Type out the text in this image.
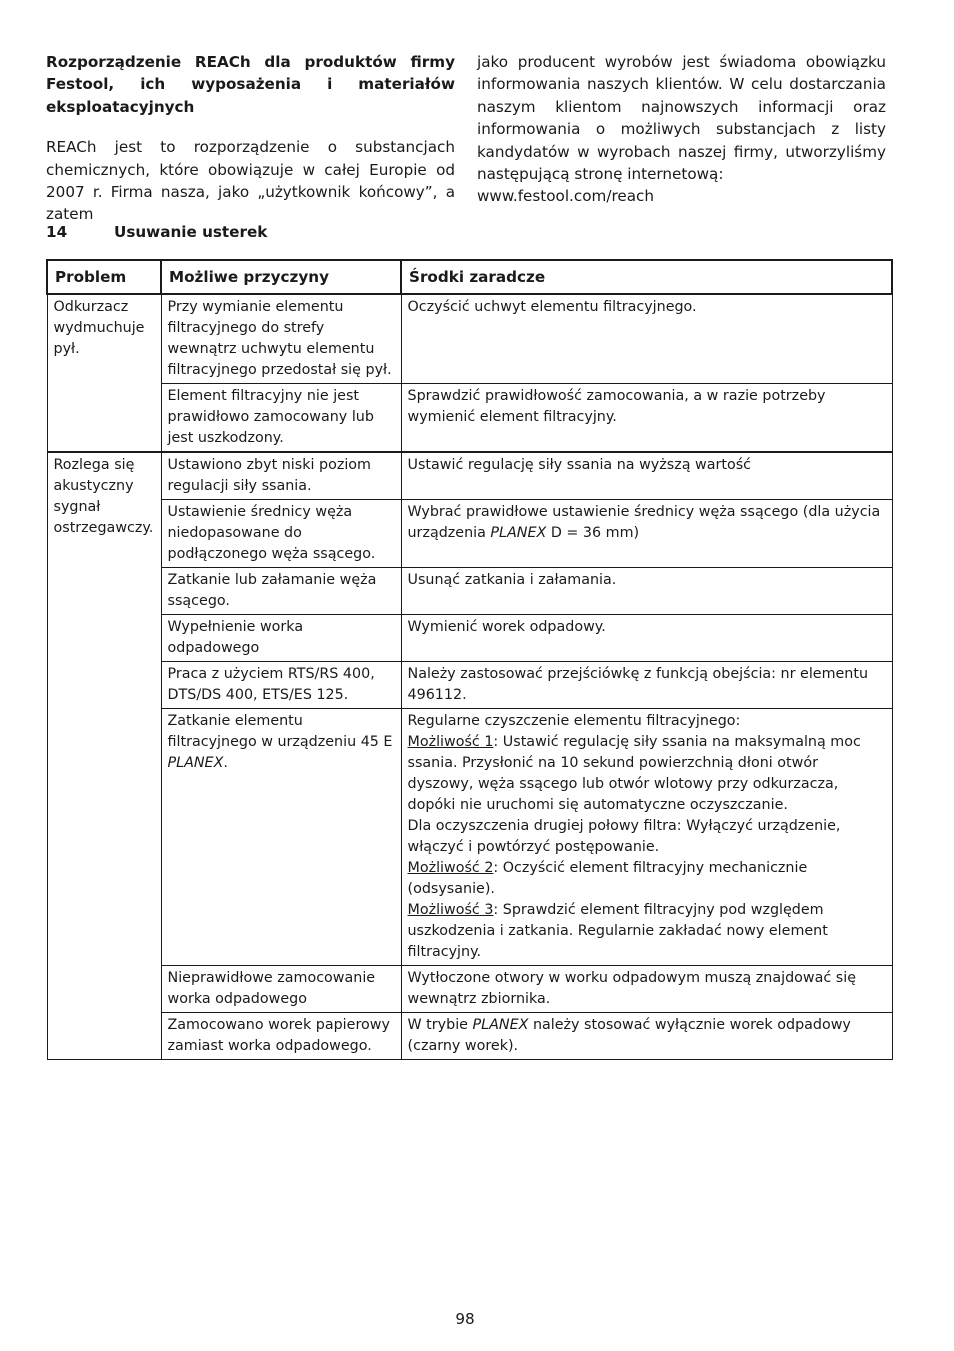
Rozporządzenie REACh dla produktów firmy Festool, ich wyposażenia i materiałów eksploatacyjnych

REACh jest to rozporządzenie o substancjach chemicznych, które obowiązuje w całej Europie od 2007 r. Firma nasza, jako „użytkownik końcowy”, a zatem

jako producent wyrobów jest świadoma obowiązku informowania naszych klientów. W celu dostarczania naszym klientom najnowszych informacji oraz informowania o możliwych substancjach z listy kandydatów w wyrobach naszej firmy, utworzyliśmy następującą stronę internetową:

www.festool.com/reach

14	Usuwanie usterek
Problem	Możliwe przyczyny	Środki zaradcze
Odkurzacz wydmuchuje pył.	Przy wymianie elementu filtracyjnego do strefy wewnątrz uchwytu elementu filtracyjnego przedostał się pył.	Oczyścić uchwyt elementu filtracyjnego.
	Element filtracyjny nie jest prawidłowo zamocowany lub jest uszkodzony.	Sprawdzić prawidłowość zamocowania, a w razie potrzeby wymienić element filtracyjny.
Rozlega się akustyczny sygnał ostrzegawczy.	Ustawiono zbyt niski poziom regulacji siły ssania.	Ustawić regulację siły ssania na wyższą wartość
	Ustawienie średnicy węża niedopasowane do podłączonego węża ssącego.	Wybrać prawidłowe ustawienie średnicy węża ssącego (dla użycia urządzenia PLANEX D = 36 mm)
	Zatkanie lub załamanie węża ssącego.	Usunąć zatkania i załamania.
	Wypełnienie worka odpadowego	Wymienić worek odpadowy.
	Praca z użyciem RTS/RS 400, DTS/DS 400, ETS/ES 125.	Należy zastosować przejściówkę z funkcją obejścia: nr elementu 496112.
	Zatkanie elementu filtracyjnego w urządzeniu 45 E PLANEX.	Regularne czyszczenie elementu filtracyjnego:
Możliwość 1: Ustawić regulację siły ssania na maksymalną moc ssania. Przysłonić na 10 sekund powierzchnią dłoni otwór dyszowy, węża ssącego lub otwór wlotowy przy odkurzacza, dopóki nie uruchomi się automatyczne oczyszczanie.
Dla oczyszczenia drugiej połowy filtra: Wyłączyć urządzenie, włączyć i powtórzyć postępowanie.
Możliwość 2: Oczyścić element filtracyjny mechanicznie (odsysanie).
Możliwość 3: Sprawdzić element filtracyjny pod względem uszkodzenia i zatkania. Regularnie zakładać nowy element filtracyjny.

	Nieprawidłowe zamocowanie worka odpadowego	Wytłoczone otwory w worku odpadowym muszą znajdować się wewnątrz zbiornika.
	Zamocowano worek papierowy zamiast worka odpadowego.	W trybie PLANEX należy stosować wyłącznie worek odpadowy (czarny worek).
98
